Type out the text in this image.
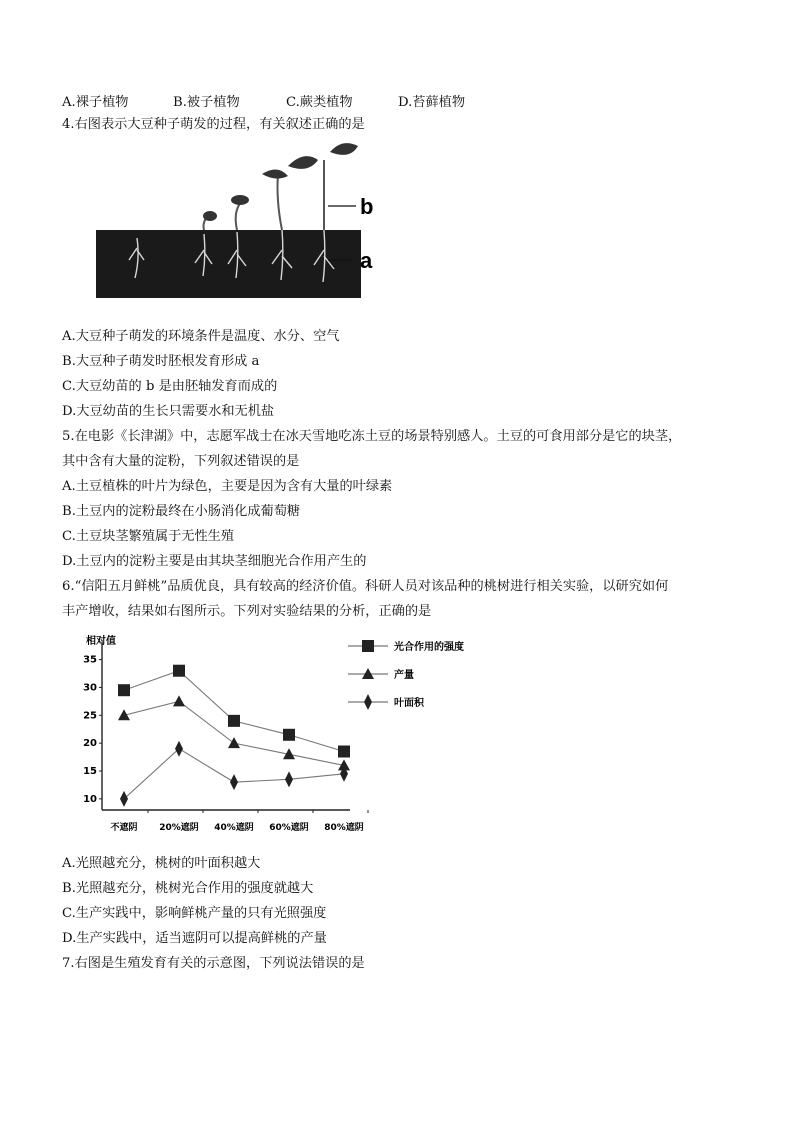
A.裸子植物	B.被子植物	C.蕨类植物	D.苔藓植物
4.右图表示大豆种子萌发的过程，有关叙述正确的是
b
a
A.大豆种子萌发的环境条件是温度、水分、空气
B.大豆种子萌发时胚根发育形成 a
C.大豆幼苗的 b 是由胚轴发育而成的
D.大豆幼苗的生长只需要水和无机盐
5.在电影《长津湖》中，志愿军战士在冰天雪地吃冻土豆的场景特别感人。土豆的可食用部分是它的块茎，
其中含有大量的淀粉，下列叙述错误的是
A.土豆植株的叶片为绿色，主要是因为含有大量的叶绿素
B.土豆内的淀粉最终在小肠消化成葡萄糖
C.土豆块茎繁殖属于无性生殖
D.土豆内的淀粉主要是由其块茎细胞光合作用产生的
6.“信阳五月鲜桃”品质优良，具有较高的经济价值。科研人员对该品种的桃树进行相关实验，以研究如何
丰产增收，结果如右图所示。下列对实验结果的分析，正确的是
相对值
10
15
20
25
30
35
不遮阴 20%遮阴 40%遮阴 60%遮阴 80%遮阴
光合作用的强度
产量
叶面积
A.光照越充分，桃树的叶面积越大
B.光照越充分，桃树光合作用的强度就越大
C.生产实践中，影响鲜桃产量的只有光照强度
D.生产实践中，适当遮阴可以提高鲜桃的产量
7.右图是生殖发育有关的示意图，下列说法错误的是
